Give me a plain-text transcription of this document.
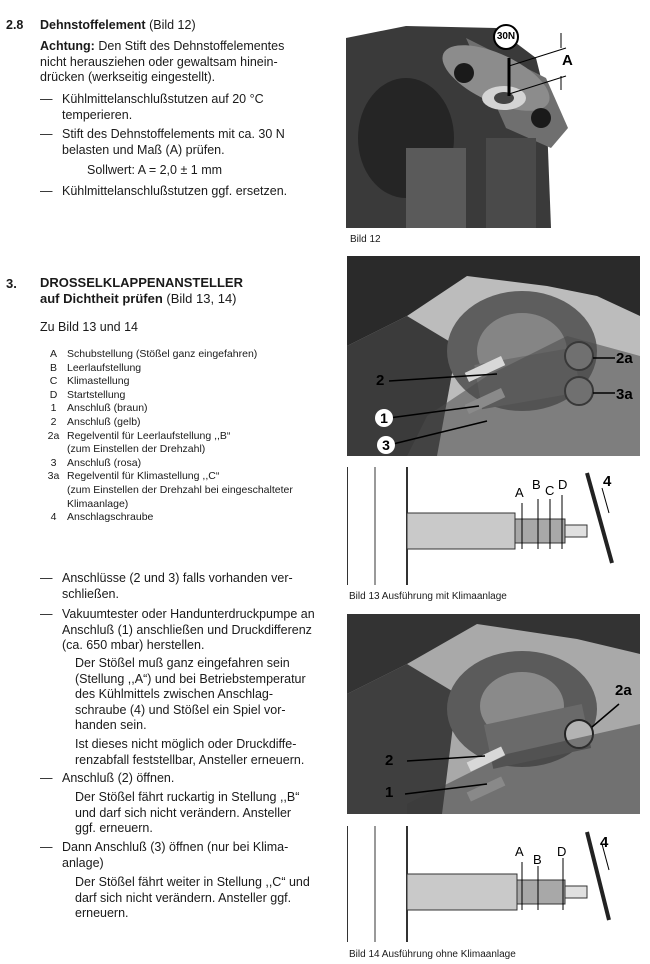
2.8 Dehnstoffelement (Bild 12)
Achtung: Den Stift des Dehnstoffelementes
nicht herausziehen oder gewaltsam hinein-
drücken (werkseitig eingestellt).
— Kühlmittelanschlußstutzen auf 20 °C
temperieren.
— Stift des Dehnstoffelements mit ca. 30 N
belasten und Maß (A) prüfen.
Sollwert: A = 2,0 ± 1 mm
— Kühlmittelanschlußstutzen ggf. ersetzen.
3. DROSSELKLAPPENANSTELLER
auf Dichtheit prüfen (Bild 13, 14)
Zu Bild 13 und 14
A Schubstellung (Stößel ganz eingefahren)
B Leerlaufstellung
C Klimastellung
D Startstellung
1	Anschluß (braun)
2	Anschluß (gelb)
2a Regelventil für Leerlaufstellung ,,B“
(zum Einstellen der Drehzahl)
3	Anschluß (rosa)
3a Regelventil für Klimastellung ,,C“
(zum Einstellen der Drehzahl bei eingeschalteter
Klimaanlage)
4	Anschlagschraube
— Anschlüsse (2 und 3) falls vorhanden ver-
schließen.
— Vakuumtester oder Handunterdruckpumpe an
Anschluß (1) anschließen und Druckdifferenz
(ca. 650 mbar) herstellen.
Der Stößel muß ganz eingefahren sein
(Stellung ,,A“) und bei Betriebstemperatur
des Kühlmittels zwischen Anschlag-
schraube (4) und Stößel ein Spiel vor-
handen sein.
Ist dieses nicht möglich oder Druckdiffe-
renzabfall feststellbar, Ansteller erneuern.
— Anschluß (2) öffnen.
Der Stößel fährt ruckartig in Stellung ,,B“
und darf sich nicht verändern. Ansteller
ggf. erneuern.
— Dann Anschluß (3) öffnen (nur bei Klima-
anlage)
Der Stößel fährt weiter in Stellung ,,C“ und
darf sich nicht verändern. Ansteller ggf.
erneuern.
30N
A
Bild 12
2a
3a
2
1
3
A
B C D 4
Bild 13 Ausführung mit Klimaanlage
2a
2
1
A
B
D
4
Bild 14 Ausführung ohne Klimaanlage
